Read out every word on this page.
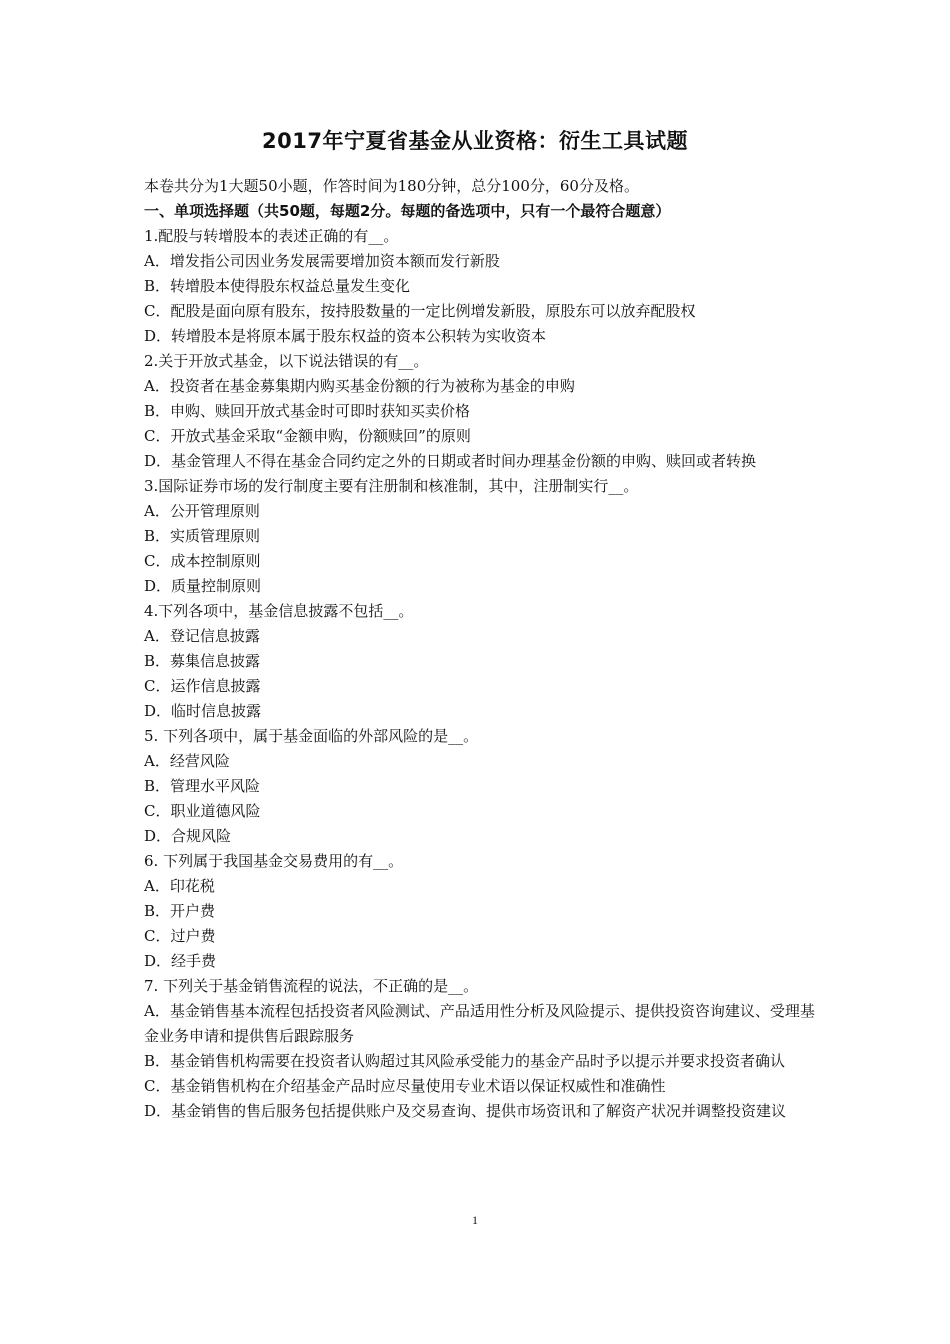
2017年宁夏省基金从业资格：衍生工具试题
本卷共分为1大题50小题，作答时间为180分钟，总分100分，60分及格。
一、单项选择题（共50题，每题2分。每题的备选项中，只有一个最符合题意）
1.配股与转增股本的表述正确的有__。
A．增发指公司因业务发展需要增加资本额而发行新股
B．转增股本使得股东权益总量发生变化
C．配股是面向原有股东，按持股数量的一定比例增发新股，原股东可以放弃配股权
D．转增股本是将原本属于股东权益的资本公积转为实收资本
2.关于开放式基金，以下说法错误的有__。
A．投资者在基金募集期内购买基金份额的行为被称为基金的申购
B．申购、赎回开放式基金时可即时获知买卖价格
C．开放式基金采取“金额申购，份额赎回”的原则
D．基金管理人不得在基金合同约定之外的日期或者时间办理基金份额的申购、赎回或者转换
3.国际证券市场的发行制度主要有注册制和核准制，其中，注册制实行__。
A．公开管理原则
B．实质管理原则
C．成本控制原则
D．质量控制原则
4.下列各项中，基金信息披露不包括__。
A．登记信息披露
B．募集信息披露
C．运作信息披露
D．临时信息披露
5. 下列各项中，属于基金面临的外部风险的是__。
A．经营风险
B．管理水平风险
C．职业道德风险
D．合规风险
6. 下列属于我国基金交易费用的有__。
A．印花税
B．开户费
C．过户费
D．经手费
7. 下列关于基金销售流程的说法，不正确的是__。
A．基金销售基本流程包括投资者风险测试、产品适用性分析及风险提示、提供投资咨询建议、受理基金业务申请和提供售后跟踪服务
B．基金销售机构需要在投资者认购超过其风险承受能力的基金产品时予以提示并要求投资者确认
C．基金销售机构在介绍基金产品时应尽量使用专业术语以保证权威性和准确性
D．基金销售的售后服务包括提供账户及交易查询、提供市场资讯和了解资产状况并调整投资建议
1
